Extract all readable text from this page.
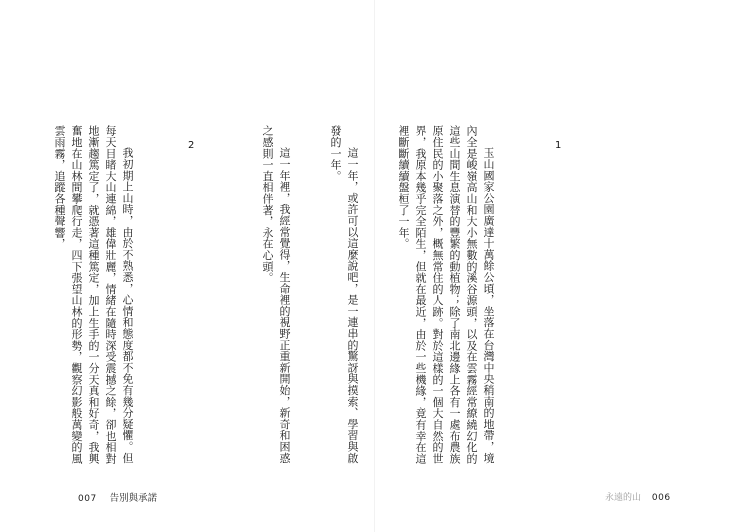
2

我初期上山時，由於不熟悉，心情和態度都不免有幾分疑懼。但每天目睹大山連綿，雄偉壯麗，情緒在隨時深受震撼之餘，卻也相對地漸趨篤定了，就憑著這種篤定，加上生手的一分天真和好奇，我興奮地在山林間攀爬行走，四下張望山林的形勢，觀察幻影般萬變的風雲雨霧，追蹤各種聲響，

007 告別與承諾
1

玉山國家公園廣達十萬餘公頃，坐落在台灣中央稍南的地帶，境內全是峻嶺高山和大小無數的溪谷源頭，以及在雲霧經常繚繞幻化的這些山間生息演替的豐繁的動植物；除了南北邊緣上各有一處布農族原住民的小聚落之外，概無常住的人跡。對於這樣的一個大自然的世界，我原本幾乎完全陌生，但就在最近，由於一些機緣，竟有幸在這裡斷斷續續盤桓了一年。

這一年，或許可以這麼說吧，是一連串的驚訝與摸索、學習與啟發的一年。

這一年裡，我經常覺得，生命裡的視野正重新開始，新奇和困惑之感則一直相伴著，永在心頭。

永遠的山 006
